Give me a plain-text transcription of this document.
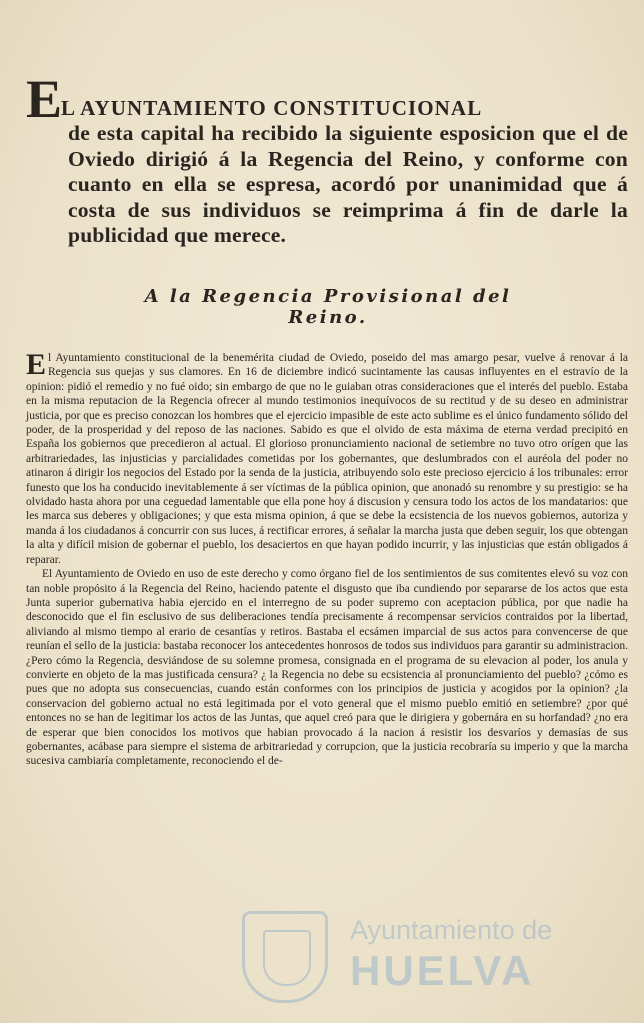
EL AYUNTAMIENTO CONSTITUCIONAL
de esta capital ha recibido la siguiente esposicion que el de Oviedo dirigió á la Regencia del Reino, y conforme con cuanto en ella se espresa, acordó por unanimidad que á costa de sus individuos se reimprima á fin de darle la publicidad que merece.
A la Regencia Provisional del Reino.

El Ayuntamiento constitucional de la benemérita ciudad de Oviedo, poseido del mas amargo pesar, vuelve á renovar á la Regencia sus quejas y sus clamores. En 16 de diciembre indicó sucintamente las causas influyentes en el estravío de la opinion: pidió el remedio y no fué oido; sin embargo de que no le guiaban otras consideraciones que el interés del pueblo. Estaba en la misma reputacion de la Regencia ofrecer al mundo testimonios inequívocos de su rectitud y de su deseo en administrar justicia, por que es preciso conozcan los hombres que el ejercicio impasible de este acto sublime es el único fundamento sólido del poder, de la prosperidad y del reposo de las naciones. Sabido es que el olvido de esta máxima de eterna verdad precipitó en España los gobiernos que precedieron al actual. El glorioso pronunciamiento nacional de setiembre no tuvo otro orígen que las arbitrariedades, las injusticias y parcialidades cometidas por los gobernantes, que deslumbrados con el auréola del poder no atinaron á dirigir los negocios del Estado por la senda de la justicia, atribuyendo solo este precioso ejercicio á los tribunales: error funesto que los ha conducido inevitablemente á ser víctimas de la pública opinion, que anonadó su renombre y su prestigio: se ha olvidado hasta ahora por una ceguedad lamentable que ella pone hoy á discusion y censura todo los actos de los mandatarios: que les marca sus deberes y obligaciones; y que esta misma opinion, á que se debe la ecsistencia de los nuevos gobiernos, autoriza y manda á los ciudadanos á concurrir con sus luces, á rectificar errores, á señalar la marcha justa que deben seguir, los que obtengan la alta y difícil mision de gobernar el pueblo, los desaciertos en que hayan podido incurrir, y las injusticias que están obligados á reparar.

El Ayuntamiento de Oviedo en uso de este derecho y como órgano fiel de los sentimientos de sus comitentes elevó su voz con tan noble propósito á la Regencia del Reino, haciendo patente el disgusto que iba cundiendo por separarse de los actos que esta Junta superior gubernativa habia ejercido en el interregno de su poder supremo con aceptacion pública, por que nadie ha desconocido que el fin esclusivo de sus deliberaciones tendía precisamente á recompensar servicios contraidos por la libertad, aliviando al mismo tiempo al erario de cesantías y retiros. Bastaba el ecsámen imparcial de sus actos para convencerse de que reunían el sello de la justicia: bastaba reconocer los antecedentes honrosos de todos sus individuos para garantir su administracion. ¿Pero cómo la Regencia, desviándose de su solemne promesa, consignada en el programa de su elevacion al poder, los anula y convierte en objeto de la mas justificada censura? ¿ la Regencia no debe su ecsistencia al pronunciamiento del pueblo? ¿cómo es pues que no adopta sus consecuencias, cuando están conformes con los principios de justicia y acogidos por la opinion? ¿la conservacion del gobierno actual no está legitimada por el voto general que el mismo pueblo emitió en setiembre? ¿por qué entonces no se han de legitimar los actos de las Juntas, que aquel creó para que le dirigiera y gobernára en su horfandad? ¿no era de esperar que bien conocidos los motivos que habian provocado á la nacion á resistir los desvaríos y demasías de sus gobernantes, acábase para siempre el sistema de arbitrariedad y corrupcion, que la justicia recobraría su imperio y que la marcha sucesiva cambiaría completamente, reconociendo el de-

Ayuntamiento de
HUELVA
